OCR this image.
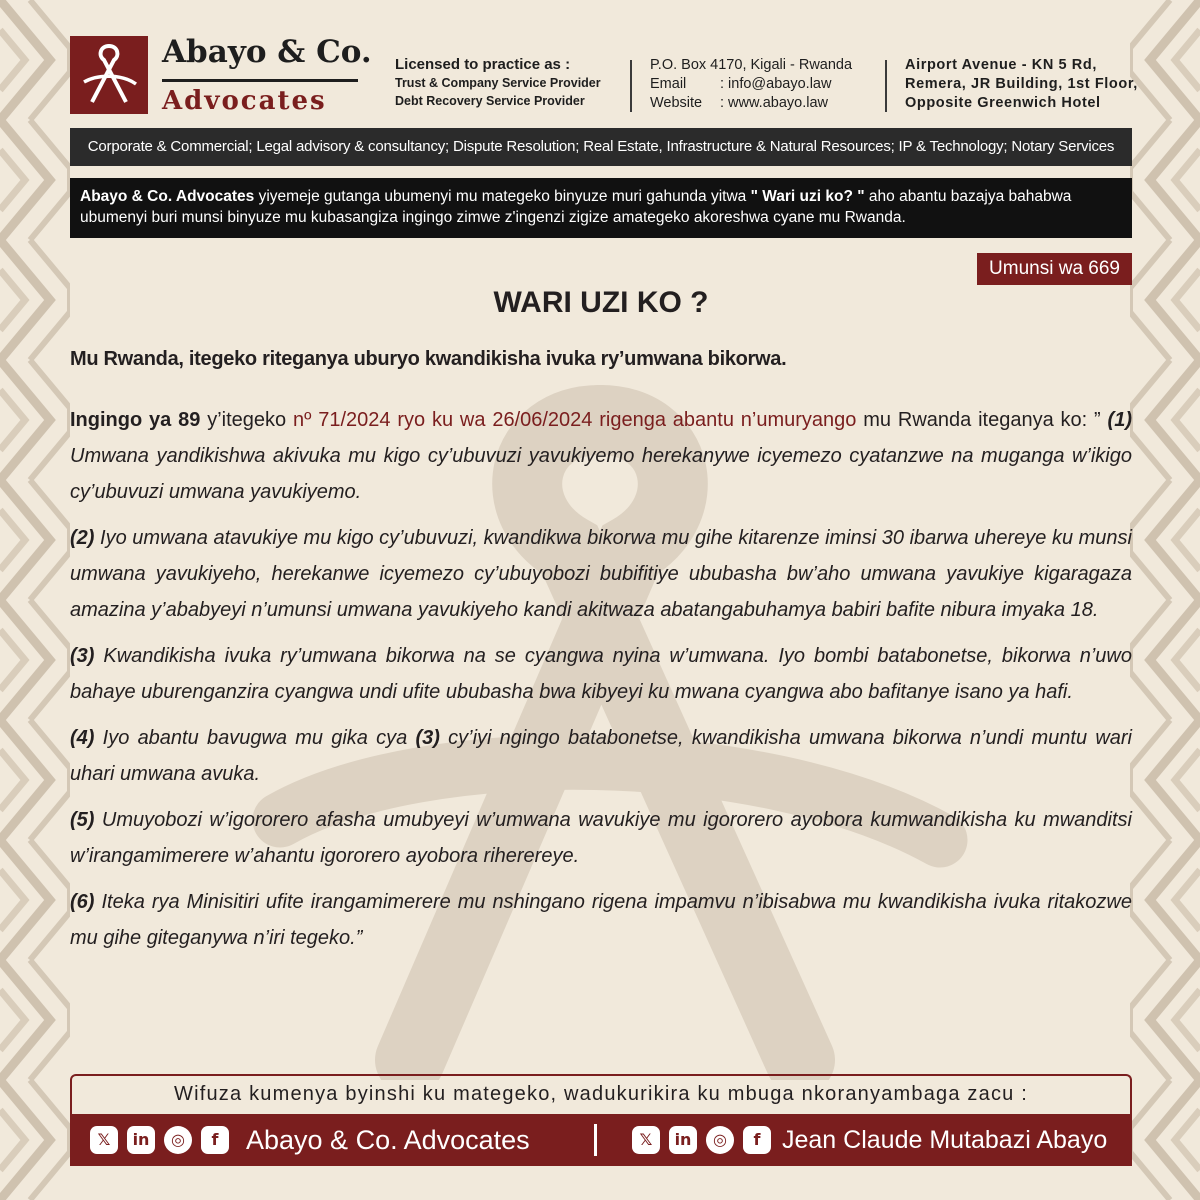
Abayo & Co.
Advocates
Licensed to practice as :
Trust & Company Service Provider
Debt Recovery Service Provider
P.O. Box 4170, Kigali - Rwanda
Email	: info@abayo.law
Website	: www.abayo.law
Airport Avenue - KN 5 Rd,
Remera, JR Building, 1st Floor,
Opposite Greenwich Hotel
Corporate & Commercial; Legal advisory & consultancy; Dispute Resolution; Real Estate, Infrastructure & Natural Resources; IP & Technology; Notary Services
Abayo & Co. Advocates yiyemeje gutanga ubumenyi mu mategeko binyuze muri gahunda yitwa " Wari uzi ko? " aho abantu bazajya bahabwa ubumenyi buri munsi binyuze mu kubasangiza ingingo zimwe z'ingenzi zigize amategeko akoreshwa cyane mu Rwanda.
Umunsi wa 669
WARI UZI KO ?
Mu Rwanda, itegeko riteganya uburyo kwandikisha ivuka ry’umwana bikorwa.

Ingingo ya 89 y’itegeko nº 71/2024 ryo ku wa 26/06/2024 rigenga abantu n’umuryango mu Rwanda iteganya ko: ” (1) Umwana yandikishwa akivuka mu kigo cy’ubuvuzi yavukiyemo herekanywe icyemezo cyatanzwe na muganga w’ikigo cy’ubuvuzi umwana yavukiyemo.

(2) Iyo umwana atavukiye mu kigo cy’ubuvuzi, kwandikwa bikorwa mu gihe kitarenze iminsi 30 ibarwa uhereye ku munsi umwana yavukiyeho, herekanwe icyemezo cy’ubuyobozi bubifitiye ububasha bw’aho umwana yavukiye kigaragaza amazina y’ababyeyi n’umunsi umwana yavukiyeho kandi akitwaza abatangabuhamya babiri bafite nibura imyaka 18.

(3) Kwandikisha ivuka ry’umwana bikorwa na se cyangwa nyina w’umwana. Iyo bombi batabonetse, bikorwa n’uwo bahaye uburenganzira cyangwa undi ufite ububasha bwa kibyeyi ku mwana cyangwa abo bafitanye isano ya hafi.

(4) Iyo abantu bavugwa mu gika cya (3) cy’iyi ngingo batabonetse, kwandikisha umwana bikorwa n’undi muntu wari uhari umwana avuka.

(5) Umuyobozi w’igororero afasha umubyeyi w’umwana wavukiye mu igororero ayobora kumwandikisha ku mwanditsi w’irangamimerere w’ahantu igororero ayobora riherereye.

(6) Iteka rya Minisitiri ufite irangamimerere mu nshingano rigena impamvu n’ibisabwa mu kwandikisha ivuka ritakozwe mu gihe giteganywa n’iri tegeko.”

Wifuza kumenya byinshi ku mategeko, wadukurikira ku mbuga nkoranyambaga zacu :
𝕏	in	◎	f	Abayo & Co. Advocates	𝕏	in	◎	f Jean Claude Mutabazi Abayo
